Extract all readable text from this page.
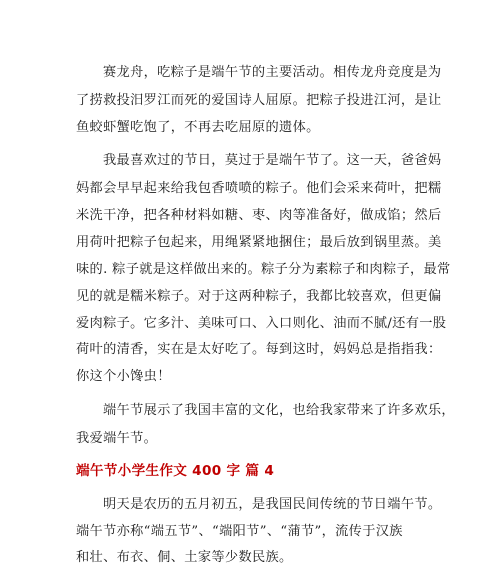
赛龙舟，吃粽子是端午节的主要活动。相传龙舟竞度是为
了捞救投汨罗江而死的爱国诗人屈原。把粽子投进江河，是让
鱼蛟虾蟹吃饱了，不再去吃屈原的遗体。
我最喜欢过的节日，莫过于是端午节了。这一天，爸爸妈
妈都会早早起来给我包香喷喷的粽子。他们会采来荷叶，把糯
米洗干净，把各种材料如糖、枣、肉等准备好，做成馅；然后
用荷叶把粽子包起来，用绳紧紧地捆住；最后放到锅里蒸。美
味的. 粽子就是这样做出来的。粽子分为素粽子和肉粽子，最常
见的就是糯米粽子。对于这两种粽子，我都比较喜欢，但更偏
爱肉粽子。它多汁、美味可口、入口则化、油而不腻/还有一股
荷叶的清香，实在是太好吃了。每到这时，妈妈总是指指我：
你这个小馋虫！
端午节展示了我国丰富的文化，也给我家带来了许多欢乐，
我爱端午节。
端午节小学生作文 400 字 篇 4
明天是农历的五月初五，是我国民间传统的节日端午节。
端午节亦称“端五节”、“端阳节”、“蒲节”，流传于汉族
和壮、布衣、侗、土家等少数民族。
